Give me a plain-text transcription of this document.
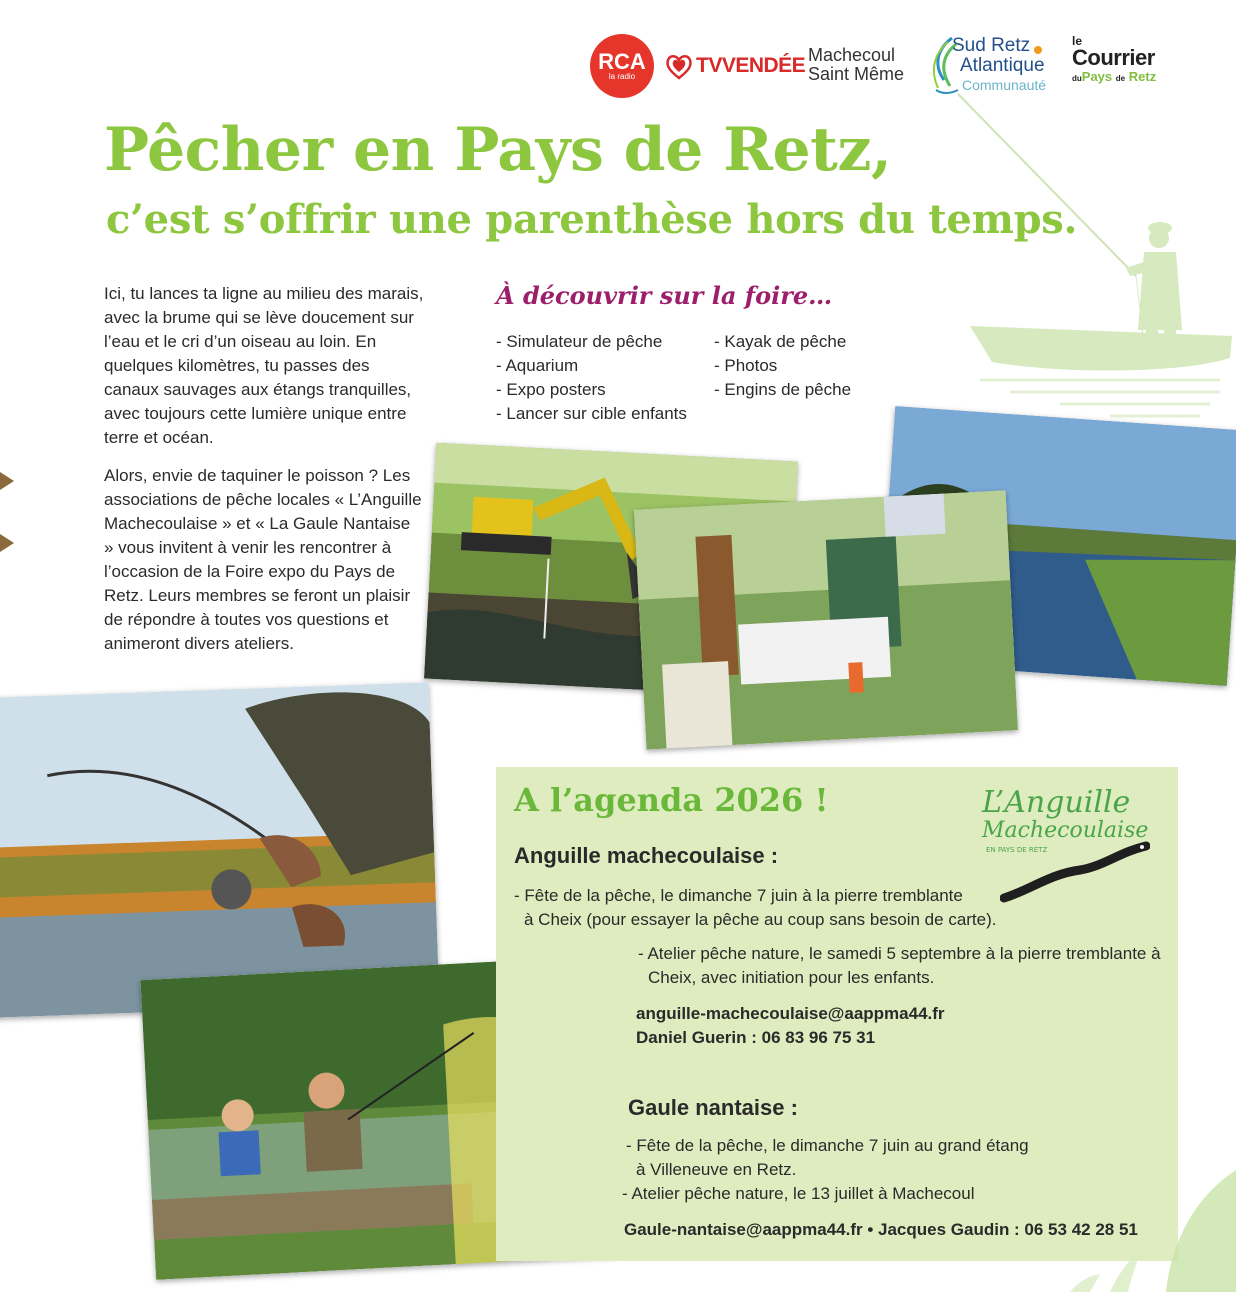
RCA
la radio	TVVENDÉE Machecoul
Saint Même
Sud Retz
Atlantique
Communauté
le
Courrier
duPays de Retz
Pêcher en Pays de Retz,
c’est s’offrir une parenthèse hors du temps.

Ici, tu lances ta ligne au milieu des marais, avec la brume qui se lève doucement sur l’eau et le cri d’un oiseau au loin. En quelques kilomètres, tu passes des canaux sauvages aux étangs tranquilles, avec toujours cette lumière unique entre terre et océan.

Alors, envie de taquiner le poisson ? Les associations de pêche locales « L’Anguille Machecoulaise » et « La Gaule Nantaise » vous invitent à venir les rencontrer à l’occasion de la Foire expo du Pays de Retz. Leurs membres se feront un plaisir de répondre à toutes vos questions et animeront divers ateliers.

À découvrir sur la foire…
- Simulateur de pêche
- Aquarium
- Expo posters
- Lancer sur cible enfants
- Kayak de pêche
- Photos
- Engins de pêche
A l’agenda 2026 !	L’Anguille
Machecoulaise
EN PAYS DE RETZ
Anguille machecoulaise :
- Fête de la pêche, le dimanche 7 juin à la pierre tremblante
à Cheix (pour essayer la pêche au coup sans besoin de carte).
- Atelier pêche nature, le samedi 5 septembre à la pierre tremblante à
Cheix, avec initiation pour les enfants.
anguille-machecoulaise@aappma44.fr
Daniel Guerin : 06 83 96 75 31
Gaule nantaise :
- Fête de la pêche, le dimanche 7 juin au grand étang
à Villeneuve en Retz.
- Atelier pêche nature, le 13 juillet à Machecoul
Gaule-nantaise@aappma44.fr • Jacques Gaudin : 06 53 42 28 51
